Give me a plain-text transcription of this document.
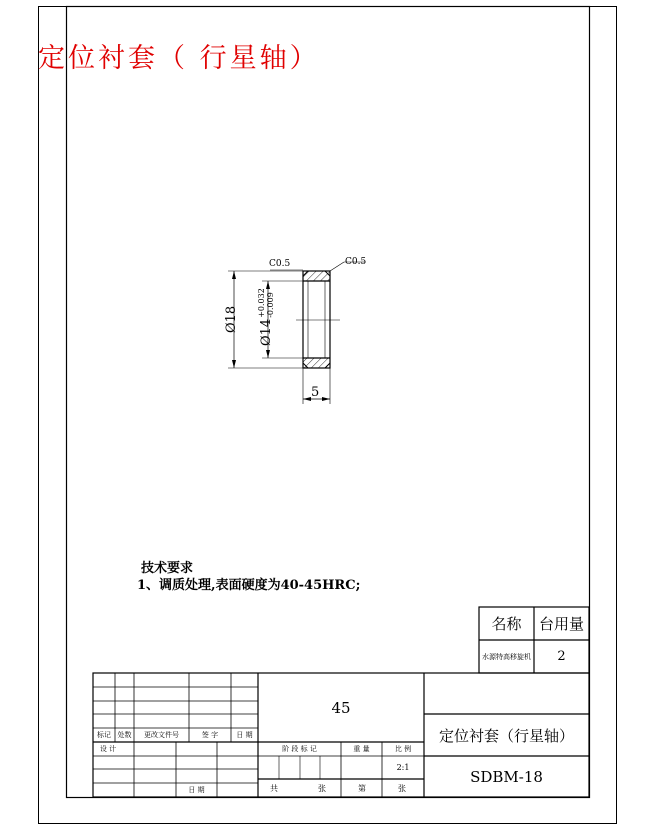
定位衬套（ 行星轴）
C0.5	C0.5
Ø18 Ø14
+0.032 -0.009
5
技术要求
1、调质处理,表面硬度为40-45HRC;
名称	台用量
水源特高移旋机	2
标记 处数	更改文件号	签 字	日 期
设 计
日 期
45
阶 段 标 记	重 量	比 例
2:1
共	张	第	张
定位衬套（行星轴）
SDBM-18
